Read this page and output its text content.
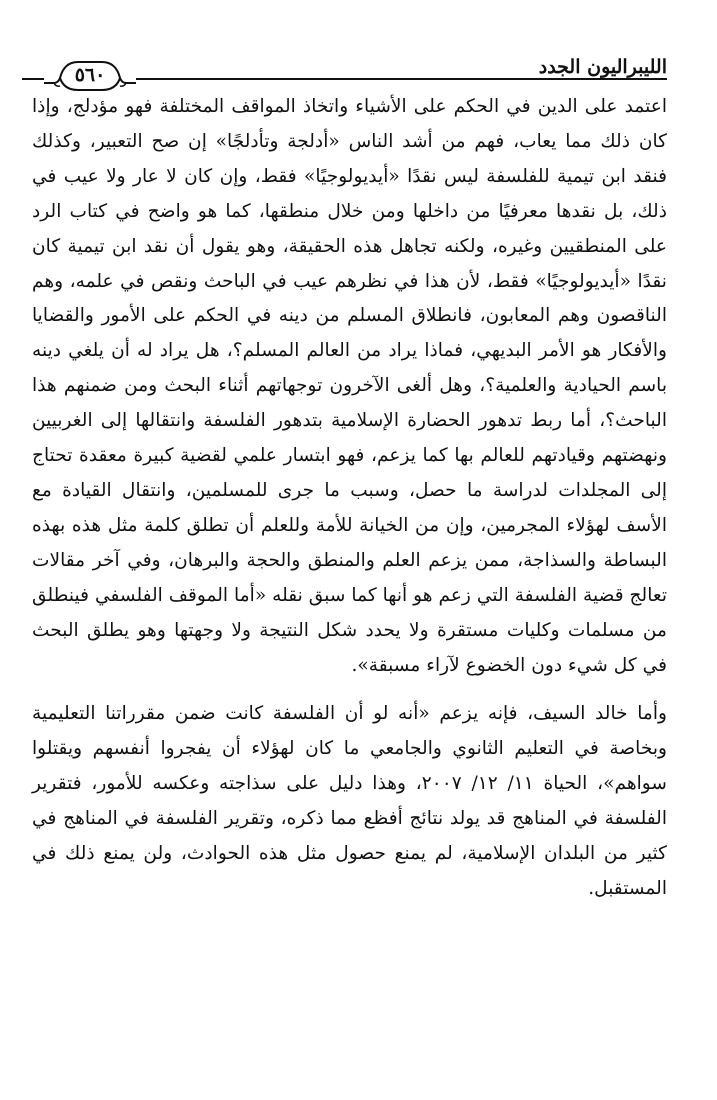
٥٦٠	الليبراليون الجدد

اعتمد على الدين في الحكم على الأشياء واتخاذ المواقف المختلفة فهو مؤدلج، وإذا كان ذلك مما يعاب، فهم من أشد الناس «أدلجة وتأدلجًا» إن صح التعبير، وكذلك فنقد ابن تيمية للفلسفة ليس نقدًا «أيديولوجيًا» فقط، وإن كان لا عار ولا عيب في ذلك، بل نقدها معرفيًا من داخلها ومن خلال منطقها، كما هو واضح في كتاب الرد على المنطقيين وغيره، ولكنه تجاهل هذه الحقيقة، وهو يقول أن نقد ابن تيمية كان نقدًا «أيديولوجيًا» فقط، لأن هذا في نظرهم عيب في الباحث ونقص في علمه، وهم الناقصون وهم المعابون، فانطلاق المسلم من دينه في الحكم على الأمور والقضايا والأفكار هو الأمر البديهي، فماذا يراد من العالم المسلم؟، هل يراد له أن يلغي دينه باسم الحيادية والعلمية؟، وهل ألغى الآخرون توجهاتهم أثناء البحث ومن ضمنهم هذا الباحث؟، أما ربط تدهور الحضارة الإسلامية بتدهور الفلسفة وانتقالها إلى الغربيين ونهضتهم وقيادتهم للعالم بها كما يزعم، فهو ابتسار علمي لقضية كبيرة معقدة تحتاج إلى المجلدات لدراسة ما حصل، وسبب ما جرى للمسلمين، وانتقال القيادة مع الأسف لهؤلاء المجرمين، وإن من الخيانة للأمة وللعلم أن تطلق كلمة مثل هذه بهذه البساطة والسذاجة، ممن يزعم العلم والمنطق والحجة والبرهان، وفي آخر مقالات تعالج قضية الفلسفة التي زعم هو أنها كما سبق نقله «أما الموقف الفلسفي فينطلق من مسلمات وكليات مستقرة ولا يحدد شكل النتيجة ولا وجهتها وهو يطلق البحث في كل شيء دون الخضوع لآراء مسبقة».

وأما خالد السيف، فإنه يزعم «أنه لو أن الفلسفة كانت ضمن مقرراتنا التعليمية وبخاصة في التعليم الثانوي والجامعي ما كان لهؤلاء أن يفجروا أنفسهم ويقتلوا سواهم»، الحياة ١١/ ١٢/ ٢٠٠٧، وهذا دليل على سذاجته وعكسه للأمور، فتقرير الفلسفة في المناهج قد يولد نتائج أفظع مما ذكره، وتقرير الفلسفة في المناهج في كثير من البلدان الإسلامية، لم يمنع حصول مثل هذه الحوادث، ولن يمنع ذلك في المستقبل.
